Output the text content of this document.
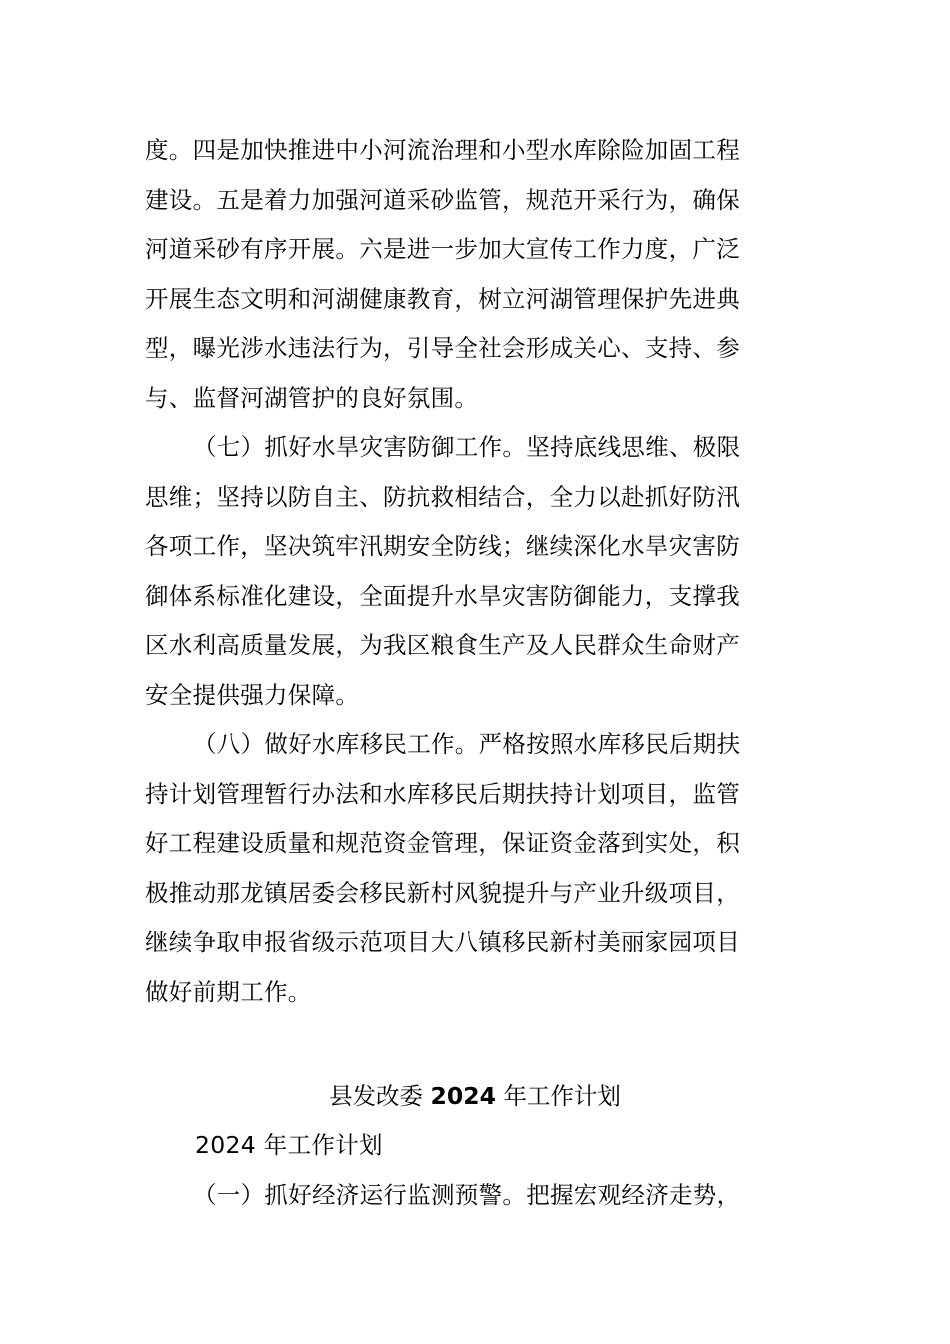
度。四是加快推进中小河流治理和小型水库除险加固工程
建设。五是着力加强河道采砂监管，规范开采行为，确保
河道采砂有序开展。六是进一步加大宣传工作力度，广泛
开展生态文明和河湖健康教育，树立河湖管理保护先进典
型，曝光涉水违法行为，引导全社会形成关心、支持、参
与、监督河湖管护的良好氛围。
（七）抓好水旱灾害防御工作。坚持底线思维、极限
思维；坚持以防自主、防抗救相结合，全力以赴抓好防汛
各项工作，坚决筑牢汛期安全防线；继续深化水旱灾害防
御体系标准化建设，全面提升水旱灾害防御能力，支撑我
区水利高质量发展，为我区粮食生产及人民群众生命财产
安全提供强力保障。
（八）做好水库移民工作。严格按照水库移民后期扶
持计划管理暂行办法和水库移民后期扶持计划项目，监管
好工程建设质量和规范资金管理，保证资金落到实处，积
极推动那龙镇居委会移民新村风貌提升与产业升级项目，
继续争取申报省级示范项目大八镇移民新村美丽家园项目
做好前期工作。
县发改委 2024 年工作计划
2024 年工作计划
（一）抓好经济运行监测预警。把握宏观经济走势，
